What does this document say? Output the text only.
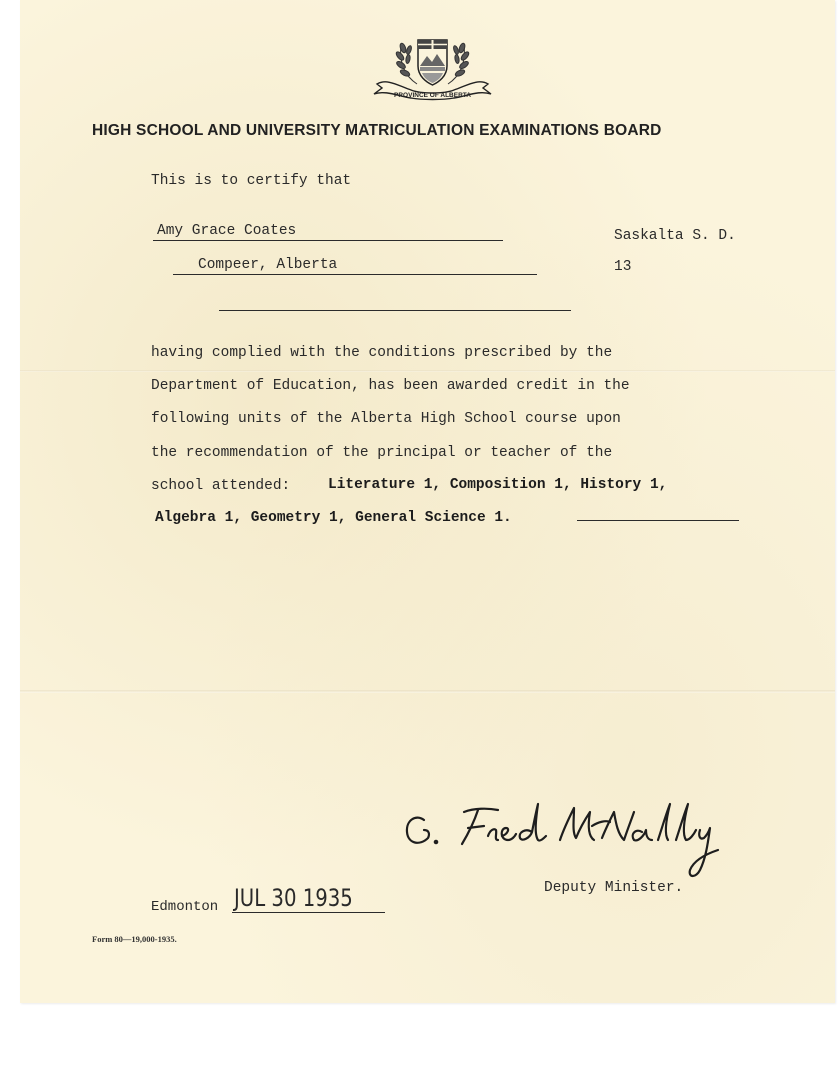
PROVINCE OF ALBERTA
HIGH SCHOOL AND UNIVERSITY MATRICULATION EXAMINATIONS BOARD
This is to certify that
Amy Grace Coates	Saskalta S. D.
Compeer, Alberta	13
having complied with the conditions prescribed by the
Department of Education, has been awarded credit in the
following units of the Alberta High School course upon
the recommendation of the principal or teacher of the
school attended:	Literature 1, Composition 1, History 1,
Algebra 1, Geometry 1, General Science 1.
Deputy Minister.
Edmonton JUL 30 1935
Form 80—19,000-1935.
